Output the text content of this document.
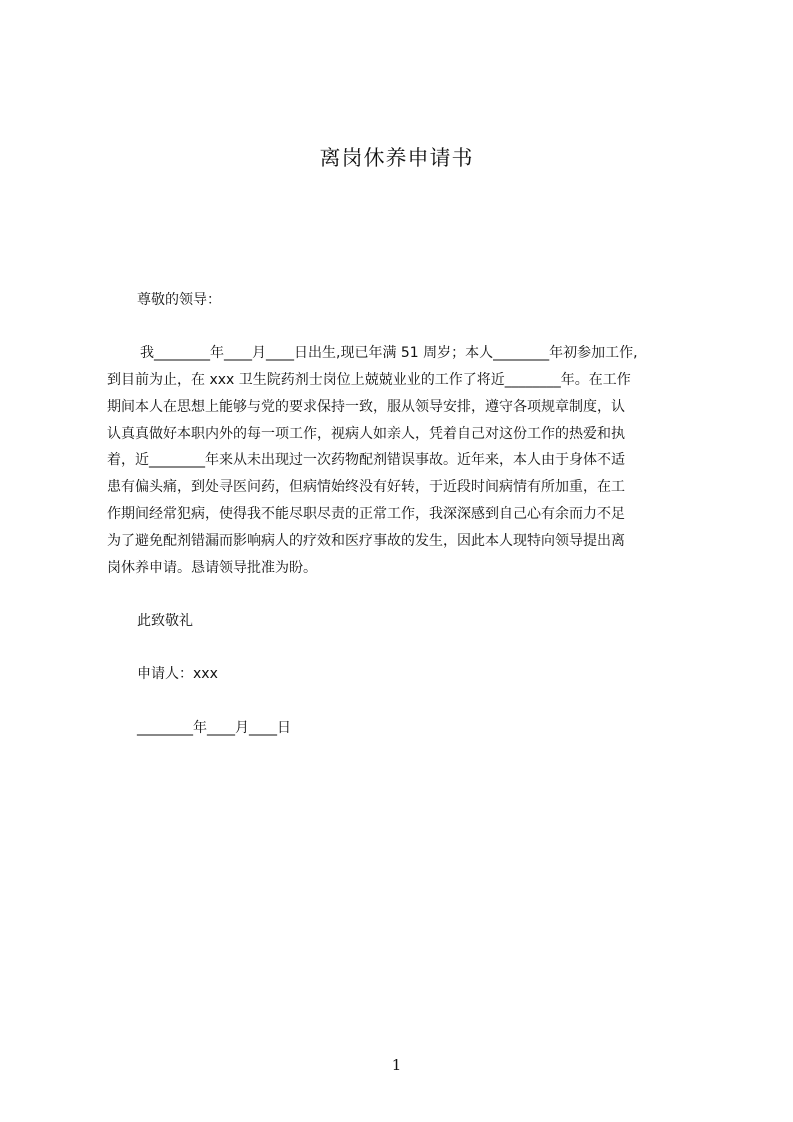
离岗休养申请书
尊敬的领导：
我________年____月____日出生,现已年满 51 周岁；本人________年初参加工作,
到目前为止，在 xxx 卫生院药剂士岗位上兢兢业业的工作了将近________年。在工作
期间本人在思想上能够与党的要求保持一致，服从领导安排，遵守各项规章制度，认
认真真做好本职内外的每一项工作，视病人如亲人，凭着自己对这份工作的热爱和执
着，近________年来从未出现过一次药物配剂错误事故。近年来，本人由于身体不适
患有偏头痛，到处寻医问药，但病情始终没有好转，于近段时间病情有所加重，在工
作期间经常犯病，使得我不能尽职尽责的正常工作，我深深感到自己心有余而力不足
为了避免配剂错漏而影响病人的疗效和医疗事故的发生，因此本人现特向领导提出离
岗休养申请。恳请领导批准为盼。
此致敬礼
申请人：xxx
________年____月____日
1
